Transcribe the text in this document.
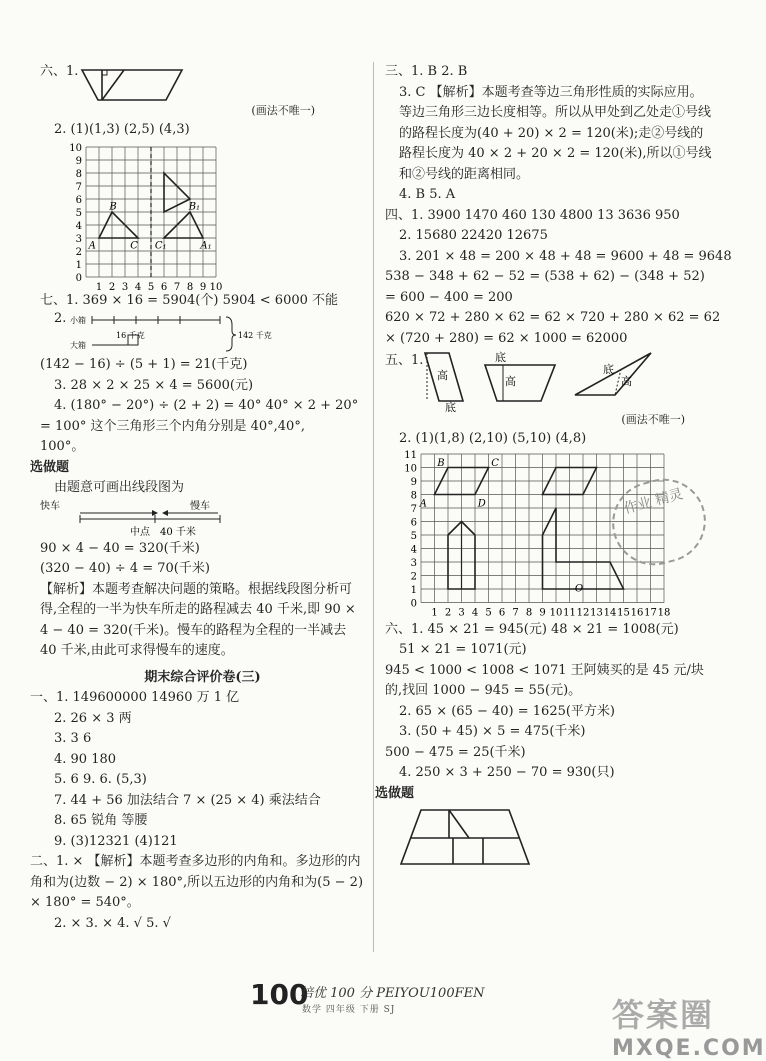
六、1.
(画法不唯一)
2. (1)(1,3) (2,5) (4,3)
10
9
8
7
6
5
4
3
2
1
0
1 2 3 4 5 6 7 8 9 10
A
B
C	A₁
B₁
C₁
七、1. 369 × 16 = 5904(个) 5904 < 6000 不能
2. 小箱
大箱
16 千克	142 千克
(142 − 16) ÷ (5 + 1) = 21(千克)
3. 28 × 2 × 25 × 4 = 5600(元)
4. (180° − 20°) ÷ (2 + 2) = 40° 40° × 2 + 20°
= 100° 这个三角形三个内角分别是 40°,40°,
100°。
选做题
由题意可画出线段图为
快车	慢车
中点 40 千米
90 × 4 − 40 = 320(千米)
(320 − 40) ÷ 4 = 70(千米)
【解析】本题考查解决问题的策略。根据线段图分析可得,全程的一半为快车所走的路程减去 40 千米,即 90 × 4 − 40 = 320(千米)。慢车的路程为全程的一半减去 40 千米,由此可求得慢车的速度。
期末综合评价卷(三)
一、1. 149600000 14960 万 1 亿
2. 26 × 3 两
3. 3 6
4. 90 180
5. 6 9. 6. (5,3)
7. 44 + 56 加法结合 7 × (25 × 4) 乘法结合
8. 65 锐角 等腰
9. (3)12321 (4)121
二、1. × 【解析】本题考查多边形的内角和。多边形的内角和为(边数 − 2) × 180°,所以五边形的内角和为(5 − 2) × 180° = 540°。
2. × 3. × 4. √ 5. √
三、1. B 2. B
3. C 【解析】本题考查等边三角形性质的实际应用。等边三角形三边长度相等。所以从甲处到乙处走①号线的路程长度为(40 + 20) × 2 = 120(米);走②号线的路程长度为 40 × 2 + 20 × 2 = 120(米),所以①号线和②号线的距离相同。
4. B 5. A
四、1. 3900 1470 460 130 4800 13 3636 950
2. 15680 22420 12675
3. 201 × 48 = 200 × 48 + 48 = 9600 + 48 = 9648
538 − 348 + 62 − 52 = (538 + 62) − (348 + 52)
= 600 − 400 = 200
620 × 72 + 280 × 62 = 62 × 720 + 280 × 62 = 62
× (720 + 280) = 62 × 1000 = 62000
五、1.
高
底
高
底
底
高
(画法不唯一)
2. (1)(1,8) (2,10) (5,10) (4,8)
11
10
9
8
7
6
5
4
3
2
1
0
1 2 3 4 5 6 7 8 9 10 11 12 13 14 15 16 17 18
B	C
A	D
O
六、1. 45 × 21 = 945(元) 48 × 21 = 1008(元)
51 × 21 = 1071(元)
945 < 1000 < 1008 < 1071 王阿姨买的是 45 元/块的,找回 1000 − 945 = 55(元)。
2. 65 × (65 − 40) = 1625(平方米)
3. (50 + 45) × 5 = 475(千米)
500 − 475 = 25(千米)
4. 250 × 3 + 250 − 70 = 930(只)
选做题
作业 精灵
100
培优 100 分 PEIYOU100FEN
数学 四年级 下册 SJ	答案圈
MXQE.COM
